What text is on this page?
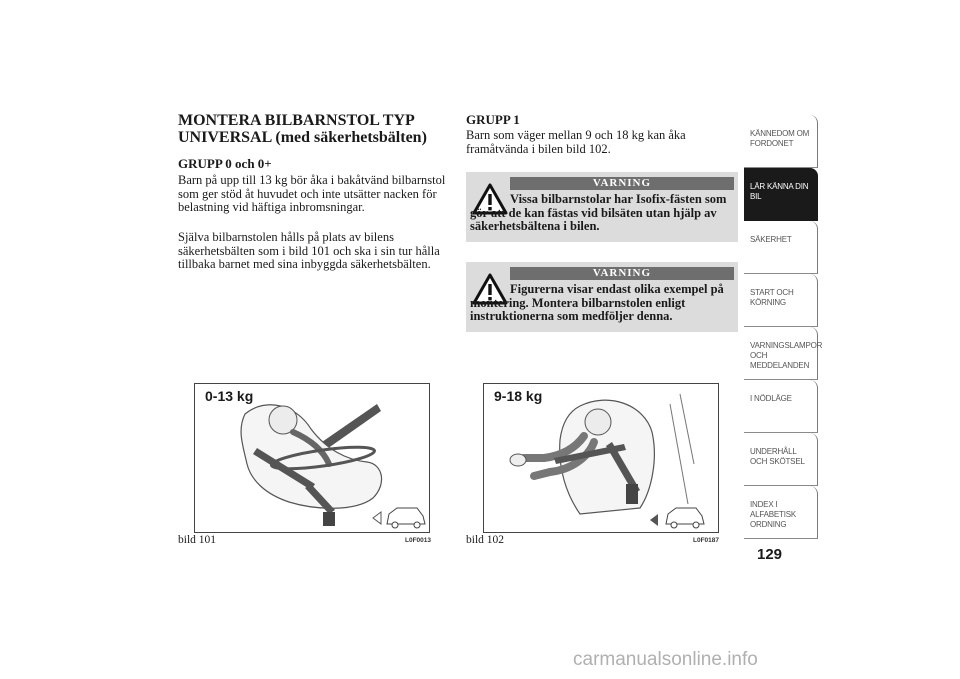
MONTERA BILBARNSTOL TYP
UNIVERSAL (med säkerhetsbälten)

GRUPP 0 och 0+

Barn på upp till 13 kg bör åka i bakåtvänd bilbarnstol som ger stöd åt huvudet och inte utsätter nacken för belastning vid häftiga inbromsningar.

Själva bilbarnstolen hålls på plats av bilens säkerhetsbälten som i bild 101 och ska i sin tur hålla tillbaka barnet med sina inbyggda säkerhetsbälten.

GRUPP 1

Barn som väger mellan 9 och 18 kg kan åka framåtvända i bilen bild 102.

VARNING

Vissa bilbarnstolar har Isofix-fästen som gör att de kan fästas vid bilsäten utan hjälp av säkerhetsbältena i bilen.

VARNING

Figurerna visar endast olika exempel på montering. Montera bilbarnstolen enligt instruktionerna som medföljer denna.

0-13 kg
bild 101	L0F0013
9-18 kg
bild 102	L0F0187
KÄNNEDOM OM FORDONET
LÄR KÄNNA DIN BIL
SÄKERHET
START OCH KÖRNING
VARNINGSLAMPOR OCH MEDDELANDEN
I NÖDLÄGE
UNDERHÅLL OCH SKÖTSEL
INDEX I ALFABETISK ORDNING
129
carmanualsonline.info
